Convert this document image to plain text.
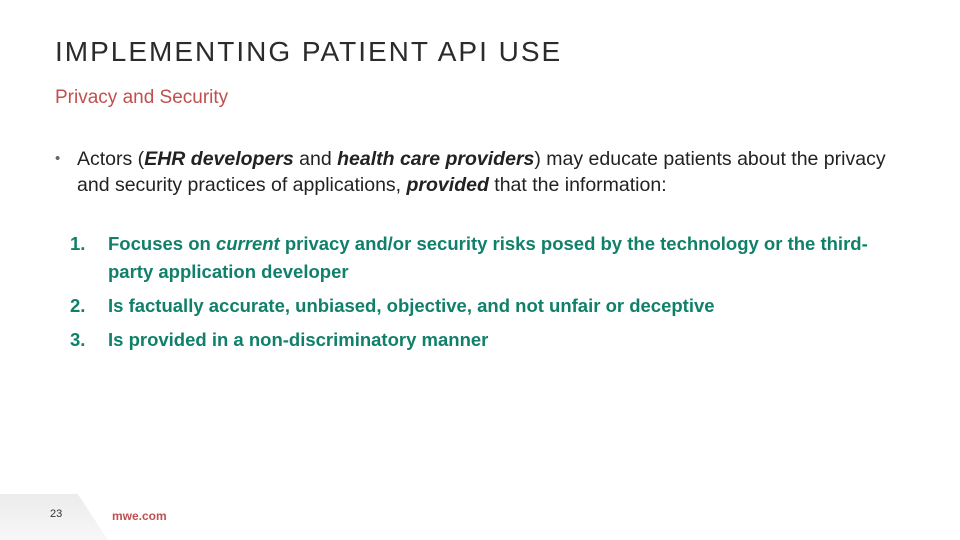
IMPLEMENTING PATIENT API USE
Privacy and Security
• Actors (EHR developers and health care providers) may educate patients about the privacy and security practices of applications, provided that the information:
1. Focuses on current privacy and/or security risks posed by the technology or the third-party application developer
2. Is factually accurate, unbiased, objective, and not unfair or deceptive
3. Is provided in a non-discriminatory manner
23	mwe.com
